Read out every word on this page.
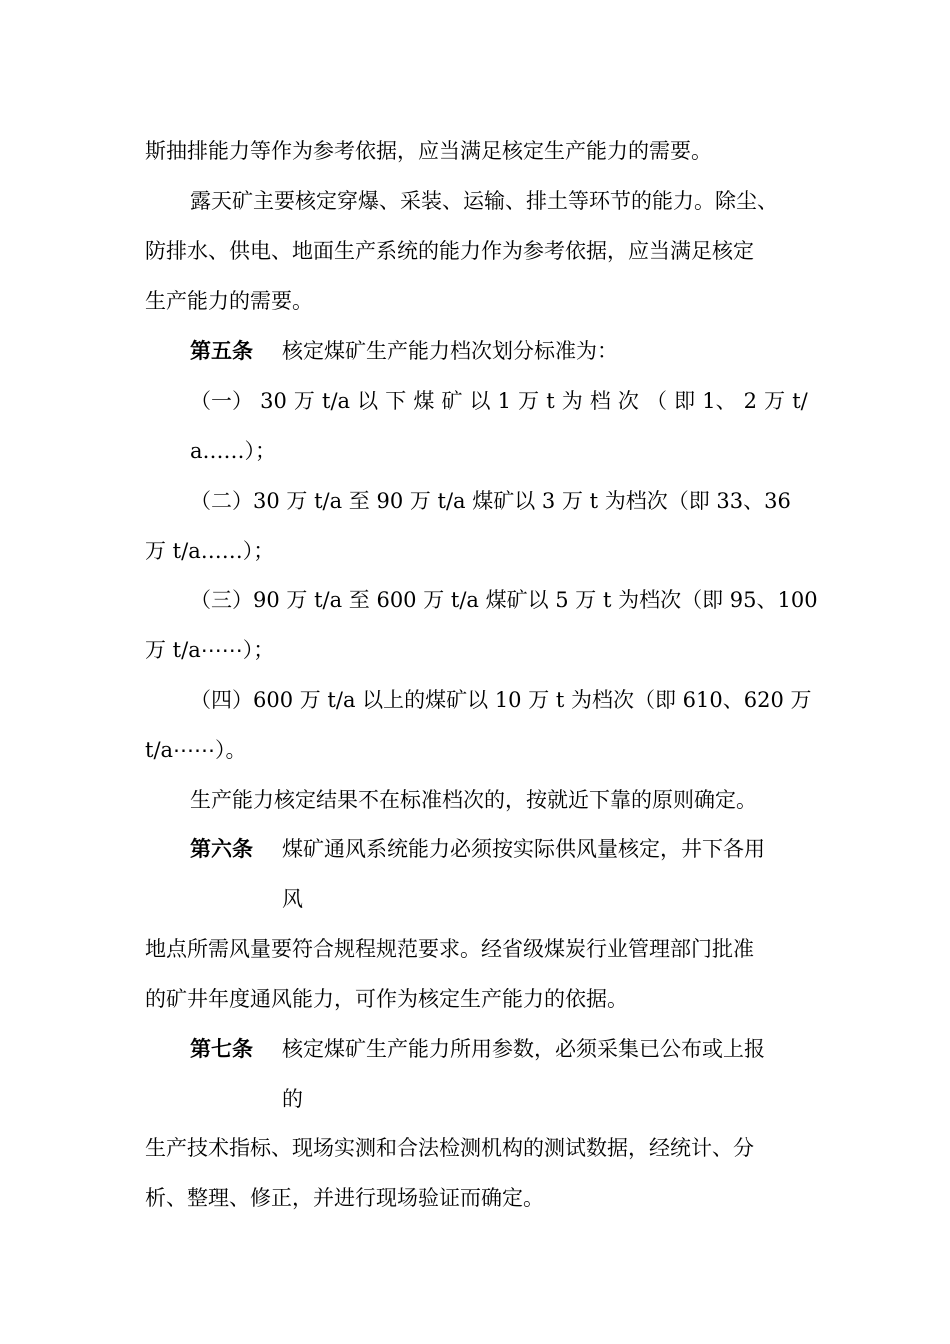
斯抽排能力等作为参考依据，应当满足核定生产能力的需要。
露天矿主要核定穿爆、采装、运输、排土等环节的能力。除尘、
防排水、供电、地面生产系统的能力作为参考依据，应当满足核定
生产能力的需要。
第五条 核定煤矿生产能力档次划分标准为：
（一） 30 万 t/a 以 下 煤 矿 以 1 万 t 为 档 次 （ 即 1、 2 万 t/
a……）；
（二）30 万 t/a 至 90 万 t/a 煤矿以 3 万 t 为档次（即 33、36
万 t/a……）；
（三）90 万 t/a 至 600 万 t/a 煤矿以 5 万 t 为档次（即 95、100
万 t/a⋯⋯）；
（四）600 万 t/a 以上的煤矿以 10 万 t 为档次（即 610、620 万
t/a⋯⋯）。
生产能力核定结果不在标准档次的，按就近下靠的原则确定。
第六条 煤矿通风系统能力必须按实际供风量核定，井下各用
风
地点所需风量要符合规程规范要求。经省级煤炭行业管理部门批准
的矿井年度通风能力，可作为核定生产能力的依据。
第七条 核定煤矿生产能力所用参数，必须采集已公布或上报
的
生产技术指标、现场实测和合法检测机构的测试数据，经统计、分
析、整理、修正，并进行现场验证而确定。
